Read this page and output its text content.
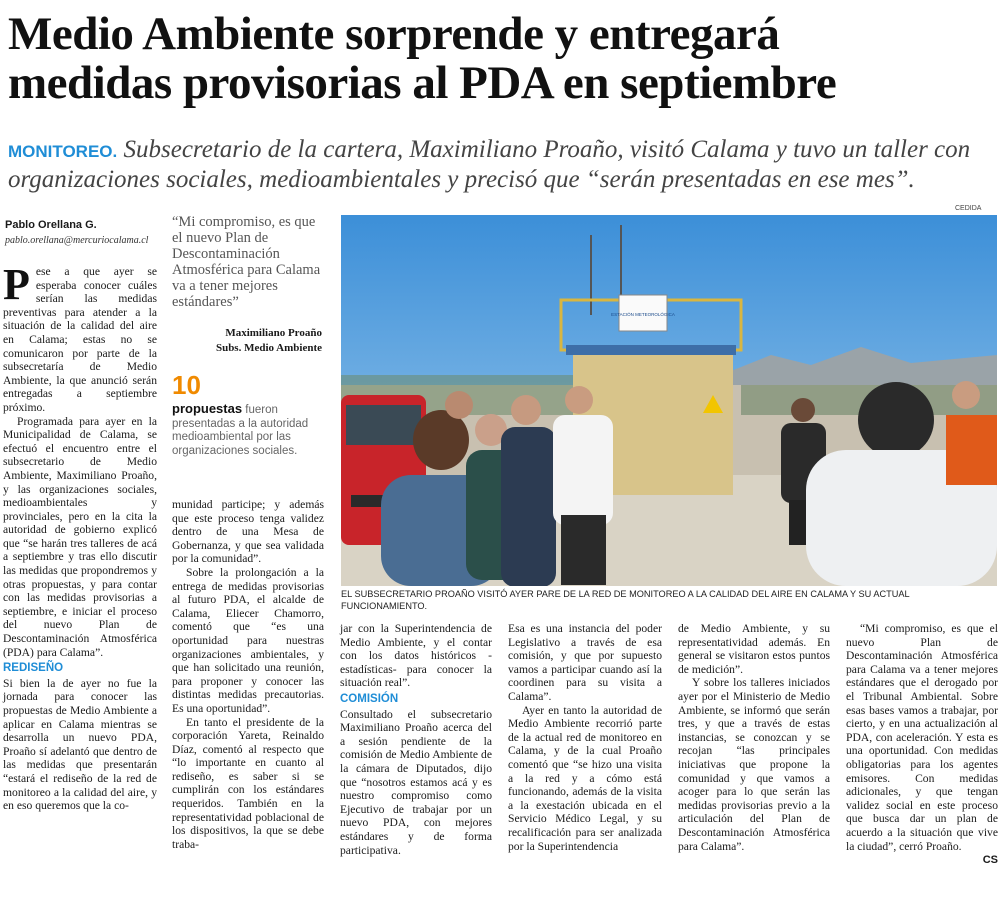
Medio Ambiente sorprende y entregará
medidas provisorias al PDA en septiembre
MONITOREO. Subsecretario de la cartera, Maximiliano Proaño, visitó Calama y tuvo un taller con organizaciones sociales, medioambientales y precisó que “serán presentadas en ese mes”.
Pablo Orellana G.
pablo.orellana@mercuriocalama.cl
P ese a que ayer se esperaba conocer cuáles serían las medidas preventivas para atender a la situación de la calidad del aire en Calama; estas no se comunicaron por parte de la subsecretaría de Medio Ambiente, la que anunció serán entregadas a septiembre próximo.

Programada para ayer en la Municipalidad de Calama, se efectuó el encuentro entre el subsecretario de Medio Ambiente, Maximiliano Proaño, y las organizaciones sociales, medioambientales y provinciales, pero en la cita la autoridad de gobierno explicó que “se harán tres talleres de acá a septiembre y tras ello discutir las medidas que propondremos y otras propuestas, y para contar con las medidas provisorias a septiembre, e iniciar el proceso del nuevo Plan de Descontaminación Atmosférica (PDA) para Calama”.

REDISEÑO

Si bien la de ayer no fue la jornada para conocer las propuestas de Medio Ambiente a aplicar en Calama mientras se desarrolla un nuevo PDA, Proaño sí adelantó que dentro de las medidas que presentarán “estará el rediseño de la red de monitoreo a la calidad del aire, y en eso queremos que la co-

“Mi compromiso, es que el nuevo Plan de Descontaminación Atmosférica para Calama va a tener mejores estándares”
Maximiliano Proaño
Subs. Medio Ambiente
10
propuestas fueron presentadas a la autoridad medioambiental por las organizaciones sociales.

munidad participe; y además que este proceso tenga validez dentro de una Mesa de Gobernanza, y que sea validada por la comunidad”.

Sobre la prolongación a la entrega de medidas provisorias al futuro PDA, el alcalde de Calama, Eliecer Chamorro, comentó que “es una oportunidad para nuestras organizaciones ambientales, y que han solicitado una reunión, para proponer y conocer las distintas medidas precautorias. Es una oportunidad”.

En tanto el presidente de la corporación Yareta, Reinaldo Díaz, comentó al respecto que “lo importante en cuanto al rediseño, es saber si se cumplirán con los estándares requeridos. También en la representatividad poblacional de los dispositivos, la que se debe traba-

CEDIDA
ESTACIÓN METEOROLÓGICA
EL SUBSECRETARIO PROAÑO VISITÓ AYER PARE DE LA RED DE MONITOREO A LA CALIDAD DEL AIRE EN CALAMA Y SU ACTUAL FUNCIONAMIENTO.

jar con la Superintendencia de Medio Ambiente, y el contar con los datos históricos -estadísticas- para conocer la situación real”.

COMISIÓN

Consultado el subsecretario Maximiliano Proaño acerca del a sesión pendiente de la comisión de Medio Ambiente de la cámara de Diputados, dijo que “nosotros estamos acá y es nuestro compromiso como Ejecutivo de trabajar por un nuevo PDA, con mejores estándares y de forma participativa.

Esa es una instancia del poder Legislativo a través de esa comisión, y que por supuesto vamos a participar cuando así la coordinen para su visita a Calama”.

Ayer en tanto la autoridad de Medio Ambiente recorrió parte de la actual red de monitoreo en Calama, y de la cual Proaño comentó que “se hizo una visita a la red y a cómo está funcionando, además de la visita a la exestación ubicada en el Servicio Médico Legal, y su recalificación para ser analizada por la Superintendencia

de Medio Ambiente, y su representatividad además. En general se visitaron estos puntos de medición”.

Y sobre los talleres iniciados ayer por el Ministerio de Medio Ambiente, se informó que serán tres, y que a través de estas instancias, se conozcan y se recojan “las principales iniciativas que propone la comunidad y que vamos a acoger para lo que serán las medidas provisorias previo a la articulación del Plan de Descontaminación Atmosférica para Calama”.

“Mi compromiso, es que el nuevo Plan de Descontaminación Atmosférica para Calama va a tener mejores estándares que el derogado por el Tribunal Ambiental. Sobre esas bases vamos a trabajar, por cierto, y en una actualización al PDA, con aceleración. Y esta es una oportunidad. Con medidas obligatorias para los agentes emisores. Con medidas adicionales, y que tengan validez social en este proceso que busca dar un plan de acuerdo a la situación que vive la ciudad”, cerró Proaño.

CS
